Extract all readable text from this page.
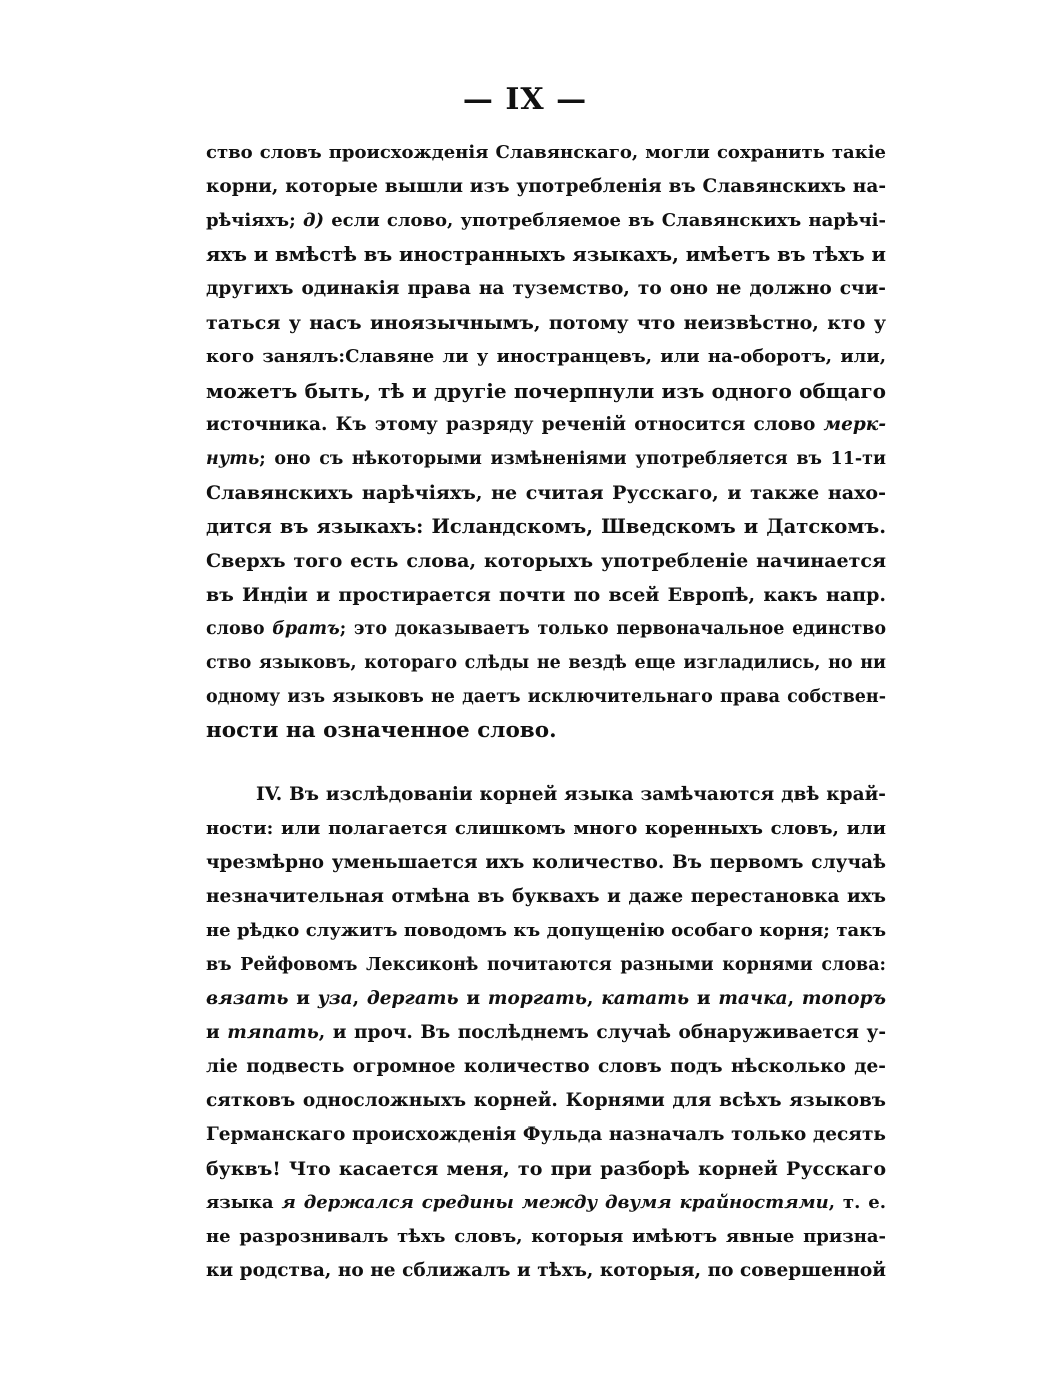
— IX —
ство словъ происхожденія Славянскаго, могли сохранить такіе
корни, которые вышли изъ употребленія въ Славянскихъ на-
рѣчіяхъ; д) если слово, употребляемое въ Славянскихъ нарѣчі-
яхъ и вмѣстѣ въ иностранныхъ языкахъ, имѣетъ въ тѣхъ и
другихъ одинакія права на туземство, то оно не должно счи-
таться у насъ иноязычнымъ, потому что неизвѣстно, кто у
кого занялъ:Славяне ли у иностранцевъ, или на-оборотъ, или,
можетъ быть, тѣ и другіе почерпнули изъ одного общаго
источника. Къ этому разряду реченій относится слово мерк-
нуть; оно съ нѣкоторыми измѣненіями употребляется въ 11-ти
Славянскихъ нарѣчіяхъ, не считая Русскаго, и также нахо-
дится въ языкахъ: Исландскомъ, Шведскомъ и Датскомъ.
Сверхъ того есть слова, которыхъ употребленіе начинается
въ Индіи и простирается почти по всей Европѣ, какъ напр.
слово братъ; это доказываетъ только первоначальное единство
ство языковъ, котораго слѣды не вездѣ еще изгладились, но ни
одному изъ языковъ не даетъ исключительнаго права собствен-
ности на означенное слово.
IV. Въ изслѣдованіи корней языка замѣчаются двѣ край-
ности: или полагается слишкомъ много коренныхъ словъ, или
чрезмѣрно уменьшается ихъ количество. Въ первомъ случаѣ
незначительная отмѣна въ буквахъ и даже перестановка ихъ
не рѣдко служитъ поводомъ къ допущенію особаго корня; такъ
въ Рейфовомъ Лексиконѣ почитаются разными корнями слова:
вязать и уза, дергать и торгать, катать и тачка, топоръ
и тяпать, и проч. Въ послѣднемъ случаѣ обнаруживается у-
ліе подвесть огромное количество словъ подъ нѣсколько де-
сятковъ односложныхъ корней. Корнями для всѣхъ языковъ
Германскаго происхожденія Фульда назначалъ только десять
буквъ! Что касается меня, то при разборѣ корней Русскаго
языка я держался средины между двумя крайностями, т. е.
не разрознивалъ тѣхъ словъ, которыя имѣютъ явные призна-
ки родства, но не сближалъ и тѣхъ, которыя, по совершенной
